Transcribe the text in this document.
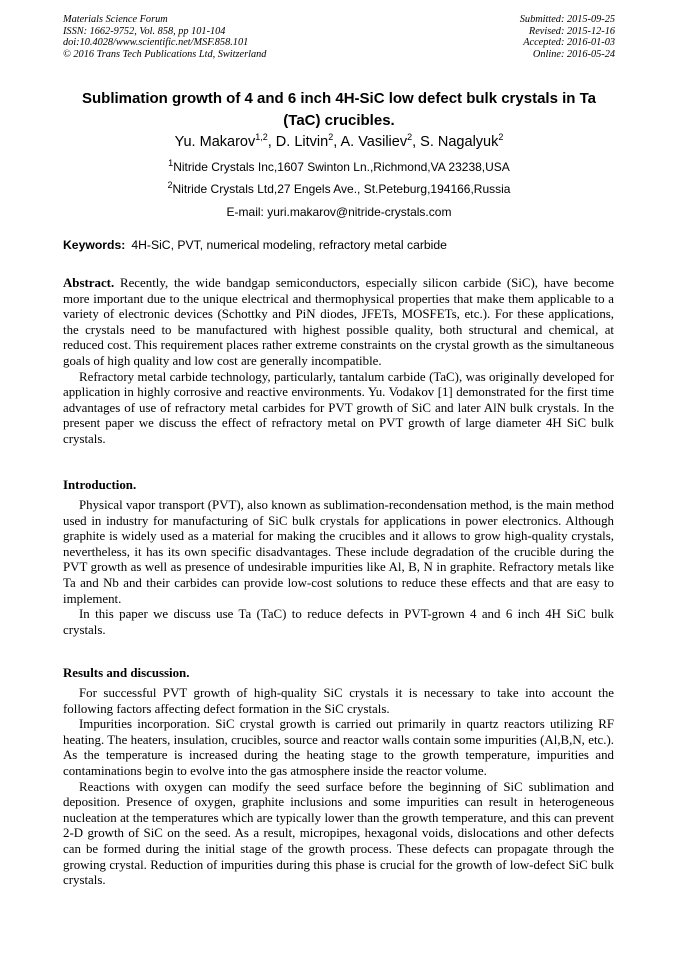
Materials Science Forum
ISSN: 1662-9752, Vol. 858, pp 101-104
doi:10.4028/www.scientific.net/MSF.858.101
© 2016 Trans Tech Publications Ltd, Switzerland
Submitted: 2015-09-25
Revised: 2015-12-16
Accepted: 2016-01-03
Online: 2016-05-24
Sublimation growth of 4 and 6 inch 4H-SiC low defect bulk crystals in Ta (TaC) crucibles.
Yu. Makarov$^{1,2}$, D. Litvin$^2$, A. Vasiliev$^2$, S. Nagalyuk$^2$
$^1$Nitride Crystals Inc,1607 Swinton Ln.,Richmond,VA 23238,USA
$^2$Nitride Crystals Ltd,27 Engels Ave., St.Peteburg,194166,Russia
E-mail: yuri.makarov@nitride-crystals.com
Keywords: 4H-SiC, PVT, numerical modeling, refractory metal carbide

Abstract. Recently, the wide bandgap semiconductors, especially silicon carbide (SiC), have become more important due to the unique electrical and thermophysical properties that make them applicable to a variety of electronic devices (Schottky and PiN diodes, JFETs, MOSFETs, etc.). For these applications, the crystals need to be manufactured with highest possible quality, both structural and chemical, at reduced cost. This requirement places rather extreme constraints on the crystal growth as the simultaneous goals of high quality and low cost are generally incompatible.

Refractory metal carbide technology, particularly, tantalum carbide (TaC), was originally developed for application in highly corrosive and reactive environments. Yu. Vodakov [1] demonstrated for the first time advantages of use of refractory metal carbides for PVT growth of SiC and later AlN bulk crystals. In the present paper we discuss the effect of refractory metal on PVT growth of large diameter 4H SiC bulk crystals.

Introduction.

Physical vapor transport (PVT), also known as sublimation-recondensation method, is the main method used in industry for manufacturing of SiC bulk crystals for applications in power electronics. Although graphite is widely used as a material for making the crucibles and it allows to grow high-quality crystals, nevertheless, it has its own specific disadvantages. These include degradation of the crucible during the PVT growth as well as presence of undesirable impurities like Al, B, N in graphite. Refractory metals like Ta and Nb and their carbides can provide low-cost solutions to reduce these effects and that are easy to implement.

In this paper we discuss use Ta (TaC) to reduce defects in PVT-grown 4 and 6 inch 4H SiC bulk crystals.

Results and discussion.

For successful PVT growth of high-quality SiC crystals it is necessary to take into account the following factors affecting defect formation in the SiC crystals.

Impurities incorporation. SiC crystal growth is carried out primarily in quartz reactors utilizing RF heating. The heaters, insulation, crucibles, source and reactor walls contain some impurities (Al,B,N, etc.). As the temperature is increased during the heating stage to the growth temperature, impurities and contaminations begin to evolve into the gas atmosphere inside the reactor volume.

Reactions with oxygen can modify the seed surface before the beginning of SiC sublimation and deposition. Presence of oxygen, graphite inclusions and some impurities can result in heterogeneous nucleation at the temperatures which are typically lower than the growth temperature, and this can prevent 2-D growth of SiC on the seed. As a result, micropipes, hexagonal voids, dislocations and other defects can be formed during the initial stage of the growth process. These defects can propagate through the growing crystal. Reduction of impurities during this phase is crucial for the growth of low-defect SiC bulk crystals.
